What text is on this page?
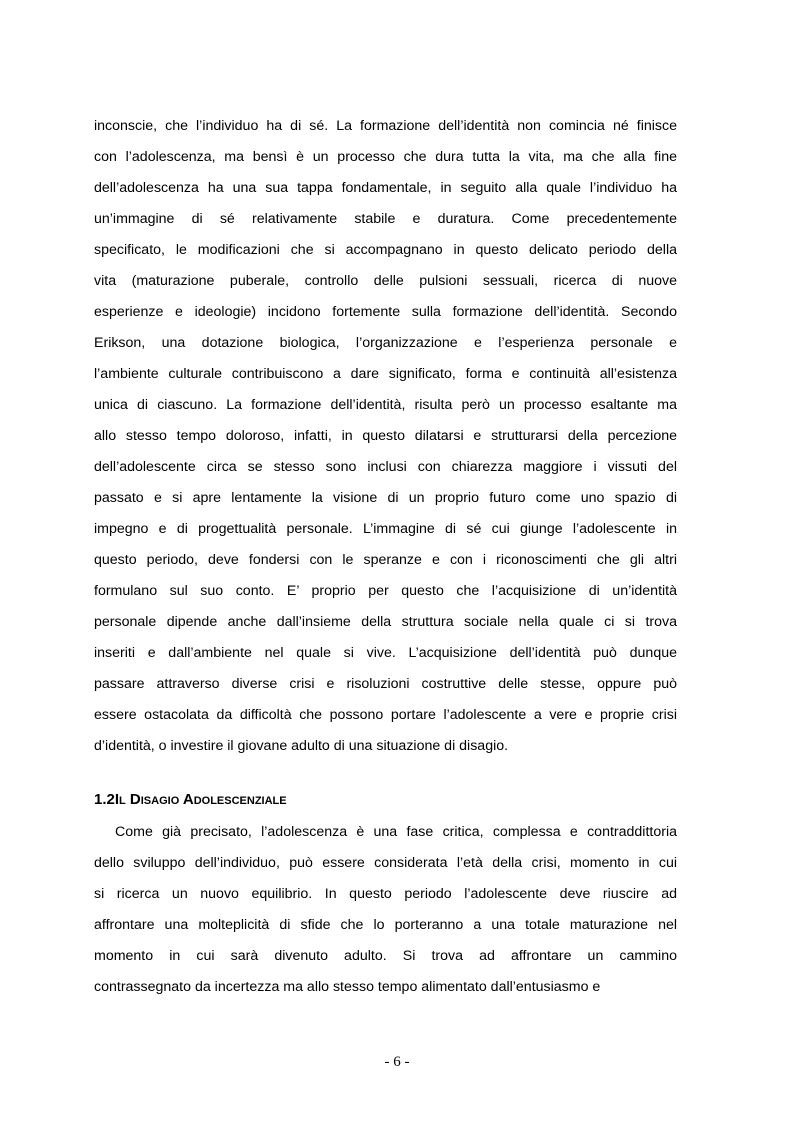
inconscie, che l’individuo ha di sé. La formazione dell’identità non comincia né finisce
con l’adolescenza, ma bensì è un processo che dura tutta la vita, ma che alla fine
dell’adolescenza ha una sua tappa fondamentale, in seguito alla quale l’individuo ha
un’immagine di sé relativamente stabile e duratura. Come precedentemente
specificato, le modificazioni che si accompagnano in questo delicato periodo della
vita (maturazione puberale, controllo delle pulsioni sessuali, ricerca di nuove
esperienze e ideologie) incidono fortemente sulla formazione dell’identità. Secondo
Erikson, una dotazione biologica, l’organizzazione e l’esperienza personale e
l’ambiente culturale contribuiscono a dare significato, forma e continuità all’esistenza
unica di ciascuno. La formazione dell’identità, risulta però un processo esaltante ma
allo stesso tempo doloroso, infatti, in questo dilatarsi e strutturarsi della percezione
dell’adolescente circa se stesso sono inclusi con chiarezza maggiore i vissuti del
passato e si apre lentamente la visione di un proprio futuro come uno spazio di
impegno e di progettualità personale. L’immagine di sé cui giunge l’adolescente in
questo periodo, deve fondersi con le speranze e con i riconoscimenti che gli altri
formulano sul suo conto. E’ proprio per questo che l’acquisizione di un’identità
personale dipende anche dall’insieme della struttura sociale nella quale ci si trova
inseriti e dall’ambiente nel quale si vive. L’acquisizione dell’identità può dunque
passare attraverso diverse crisi e risoluzioni costruttive delle stesse, oppure può
essere ostacolata da difficoltà che possono portare l’adolescente a vere e proprie crisi
d’identità, o investire il giovane adulto di una situazione di disagio.
1.2Il Disagio Adolescenziale
Come già precisato, l’adolescenza è una fase critica, complessa e contraddittoria
dello sviluppo dell’individuo, può essere considerata l’età della crisi, momento in cui
si ricerca un nuovo equilibrio. In questo periodo l’adolescente deve riuscire ad
affrontare una molteplicità di sfide che lo porteranno a una totale maturazione nel
momento in cui sarà divenuto adulto. Si trova ad affrontare un cammino
contrassegnato da incertezza ma allo stesso tempo alimentato dall’entusiasmo e
- 6 -
